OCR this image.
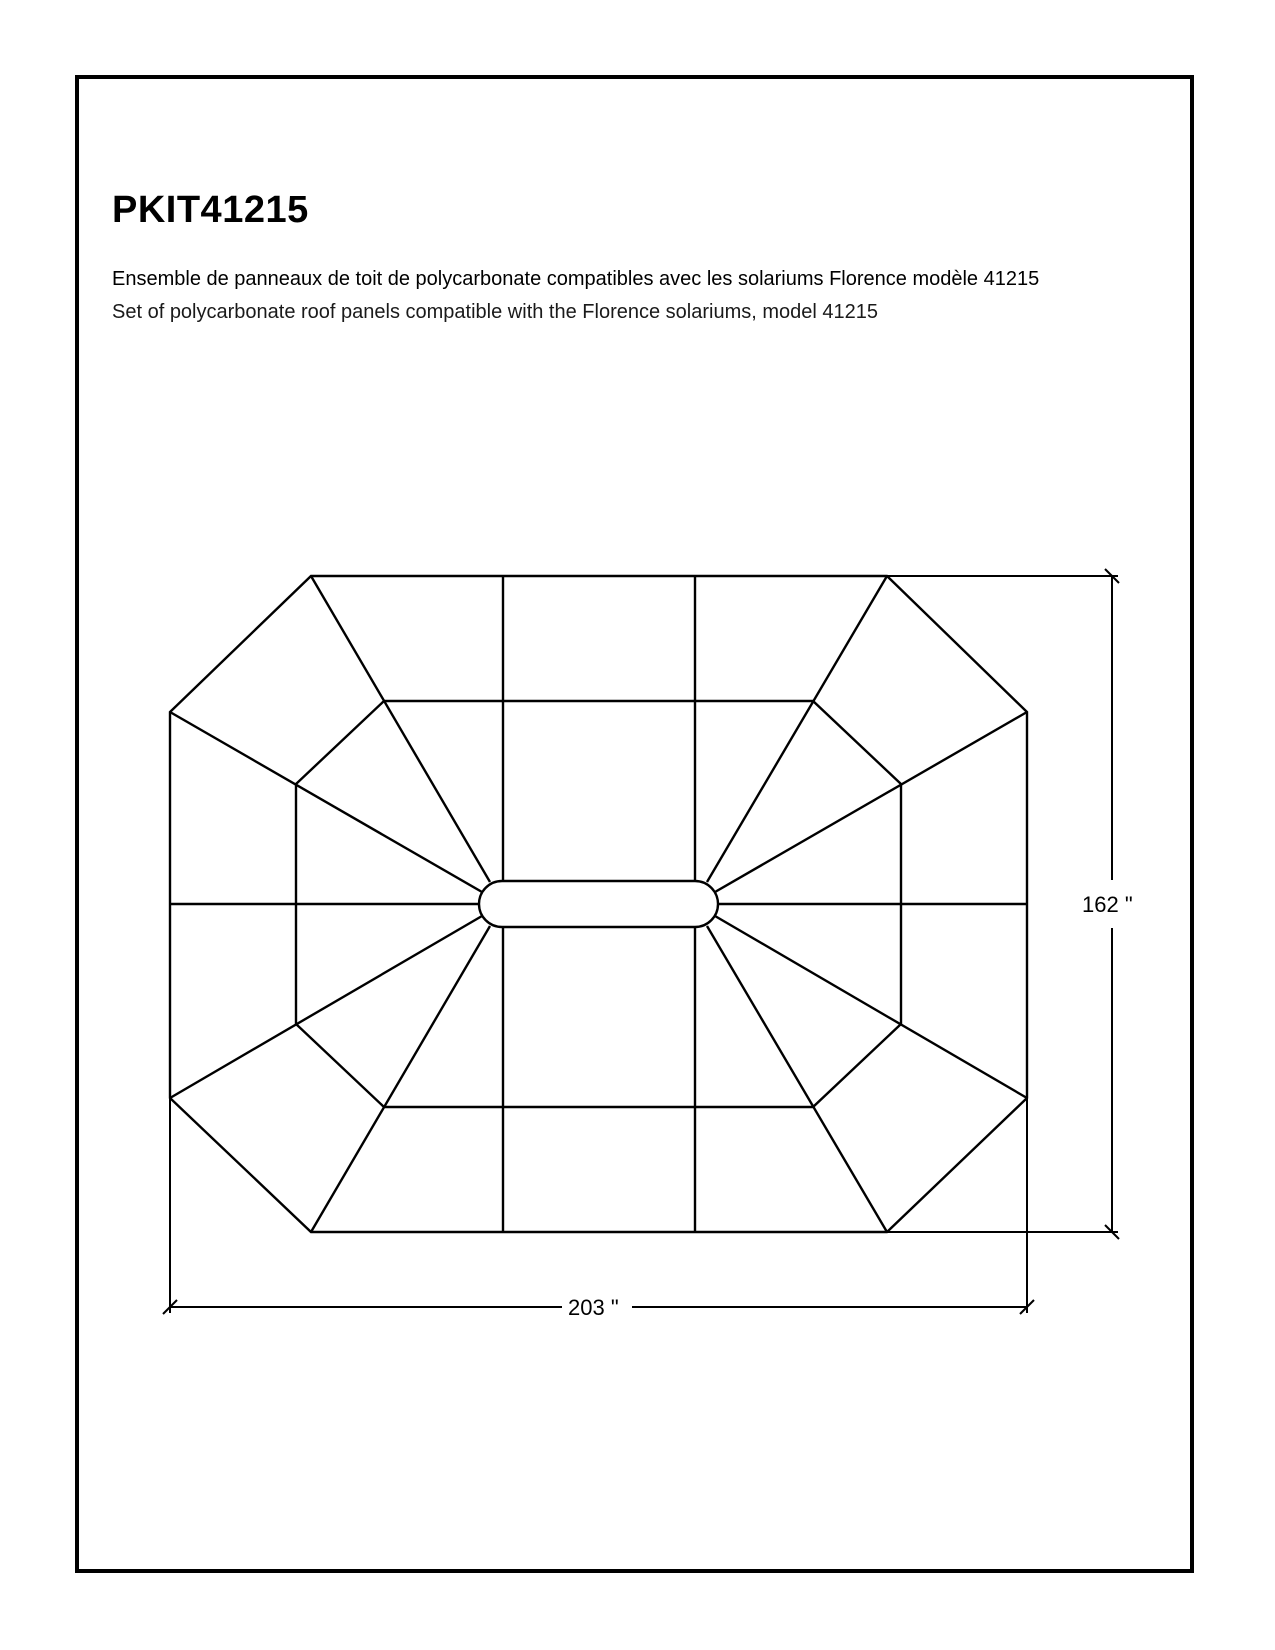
PKIT41215

Ensemble de panneaux de toit de polycarbonate compatibles avec les solariums Florence modèle 41215

Set of polycarbonate roof panels compatible with the Florence solariums, model 41215

162 "
203 "
